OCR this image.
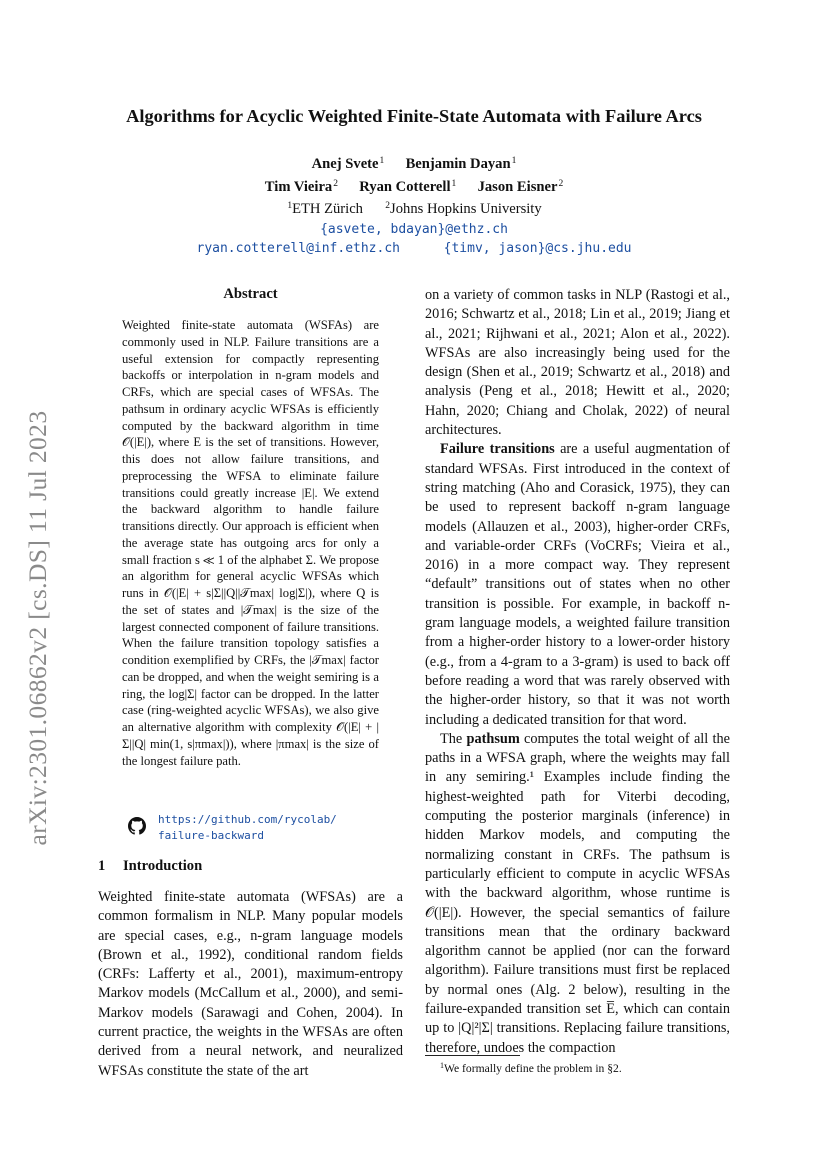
arXiv:2301.06862v2 [cs.DS] 11 Jul 2023
Algorithms for Acyclic Weighted Finite-State Automata with Failure Arcs
Anej Svete$^1$ Benjamin Dayan$^1$
Tim Vieira$^2$ Ryan Cotterell$^1$ Jason Eisner$^2$
$^1$ETH Zürich $^2$Johns Hopkins University
{asvete, bdayan}@ethz.ch
ryan.cotterell@inf.ethz.ch	{timv, jason}@cs.jhu.edu
Abstract
Weighted finite-state automata (WSFAs) are commonly used in NLP. Failure transitions are a useful extension for compactly representing backoffs or interpolation in n-gram models and CRFs, which are special cases of WFSAs. The pathsum in ordinary acyclic WFSAs is efficiently computed by the backward algorithm in time 𝒪(|E|), where E is the set of transitions. However, this does not allow failure transitions, and preprocessing the WFSA to eliminate failure transitions could greatly increase |E|. We extend the backward algorithm to handle failure transitions directly. Our approach is efficient when the average state has outgoing arcs for only a small fraction s ≪ 1 of the alphabet Σ. We propose an algorithm for general acyclic WFSAs which runs in 𝒪(|E| + s|Σ||Q||𝒯max| log|Σ|), where Q is the set of states and |𝒯max| is the size of the largest connected component of failure transitions. When the failure transition topology satisfies a condition exemplified by CRFs, the |𝒯max| factor can be dropped, and when the weight semiring is a ring, the log|Σ| factor can be dropped. In the latter case (ring-weighted acyclic WFSAs), we also give an alternative algorithm with complexity 𝒪(|E| + |Σ||Q| min(1, s|πmax|)), where |πmax| is the size of the longest failure path.
https://github.com/rycolab/
failure-backward
1 Introduction

Weighted finite-state automata (WFSAs) are a common formalism in NLP. Many popular models are special cases, e.g., n-gram language models (Brown et al., 1992), conditional random fields (CRFs: Lafferty et al., 2001), maximum-entropy Markov models (McCallum et al., 2000), and semi-Markov models (Sarawagi and Cohen, 2004). In current practice, the weights in the WFSAs are often derived from a neural network, and neuralized WFSAs constitute the state of the art

on a variety of common tasks in NLP (Rastogi et al., 2016; Schwartz et al., 2018; Lin et al., 2019; Jiang et al., 2021; Rijhwani et al., 2021; Alon et al., 2022). WFSAs are also increasingly being used for the design (Shen et al., 2019; Schwartz et al., 2018) and analysis (Peng et al., 2018; Hewitt et al., 2020; Hahn, 2020; Chiang and Cholak, 2022) of neural architectures.

Failure transitions are a useful augmentation of standard WFSAs. First introduced in the context of string matching (Aho and Corasick, 1975), they can be used to represent backoff n-gram language models (Allauzen et al., 2003), higher-order CRFs, and variable-order CRFs (VoCRFs; Vieira et al., 2016) in a more compact way. They represent “default” transitions out of states when no other transition is possible. For example, in backoff n-gram language models, a weighted failure transition from a higher-order history to a lower-order history (e.g., from a 4-gram to a 3-gram) is used to back off before reading a word that was rarely observed with the higher-order history, so that it was not worth including a dedicated transition for that word.

The pathsum computes the total weight of all the paths in a WFSA graph, where the weights may fall in any semiring.¹ Examples include finding the highest-weighted path for Viterbi decoding, computing the posterior marginals (inference) in hidden Markov models, and computing the normalizing constant in CRFs. The pathsum is particularly efficient to compute in acyclic WFSAs with the backward algorithm, whose runtime is 𝒪(|E|). However, the special semantics of failure transitions mean that the ordinary backward algorithm cannot be applied (nor can the forward algorithm). Failure transitions must first be replaced by normal ones (Alg. 2 below), resulting in the failure-expanded transition set E̅, which can contain up to |Q|²|Σ| transitions. Replacing failure transitions, therefore, undoes the compaction

$^1$We formally define the problem in §2.
